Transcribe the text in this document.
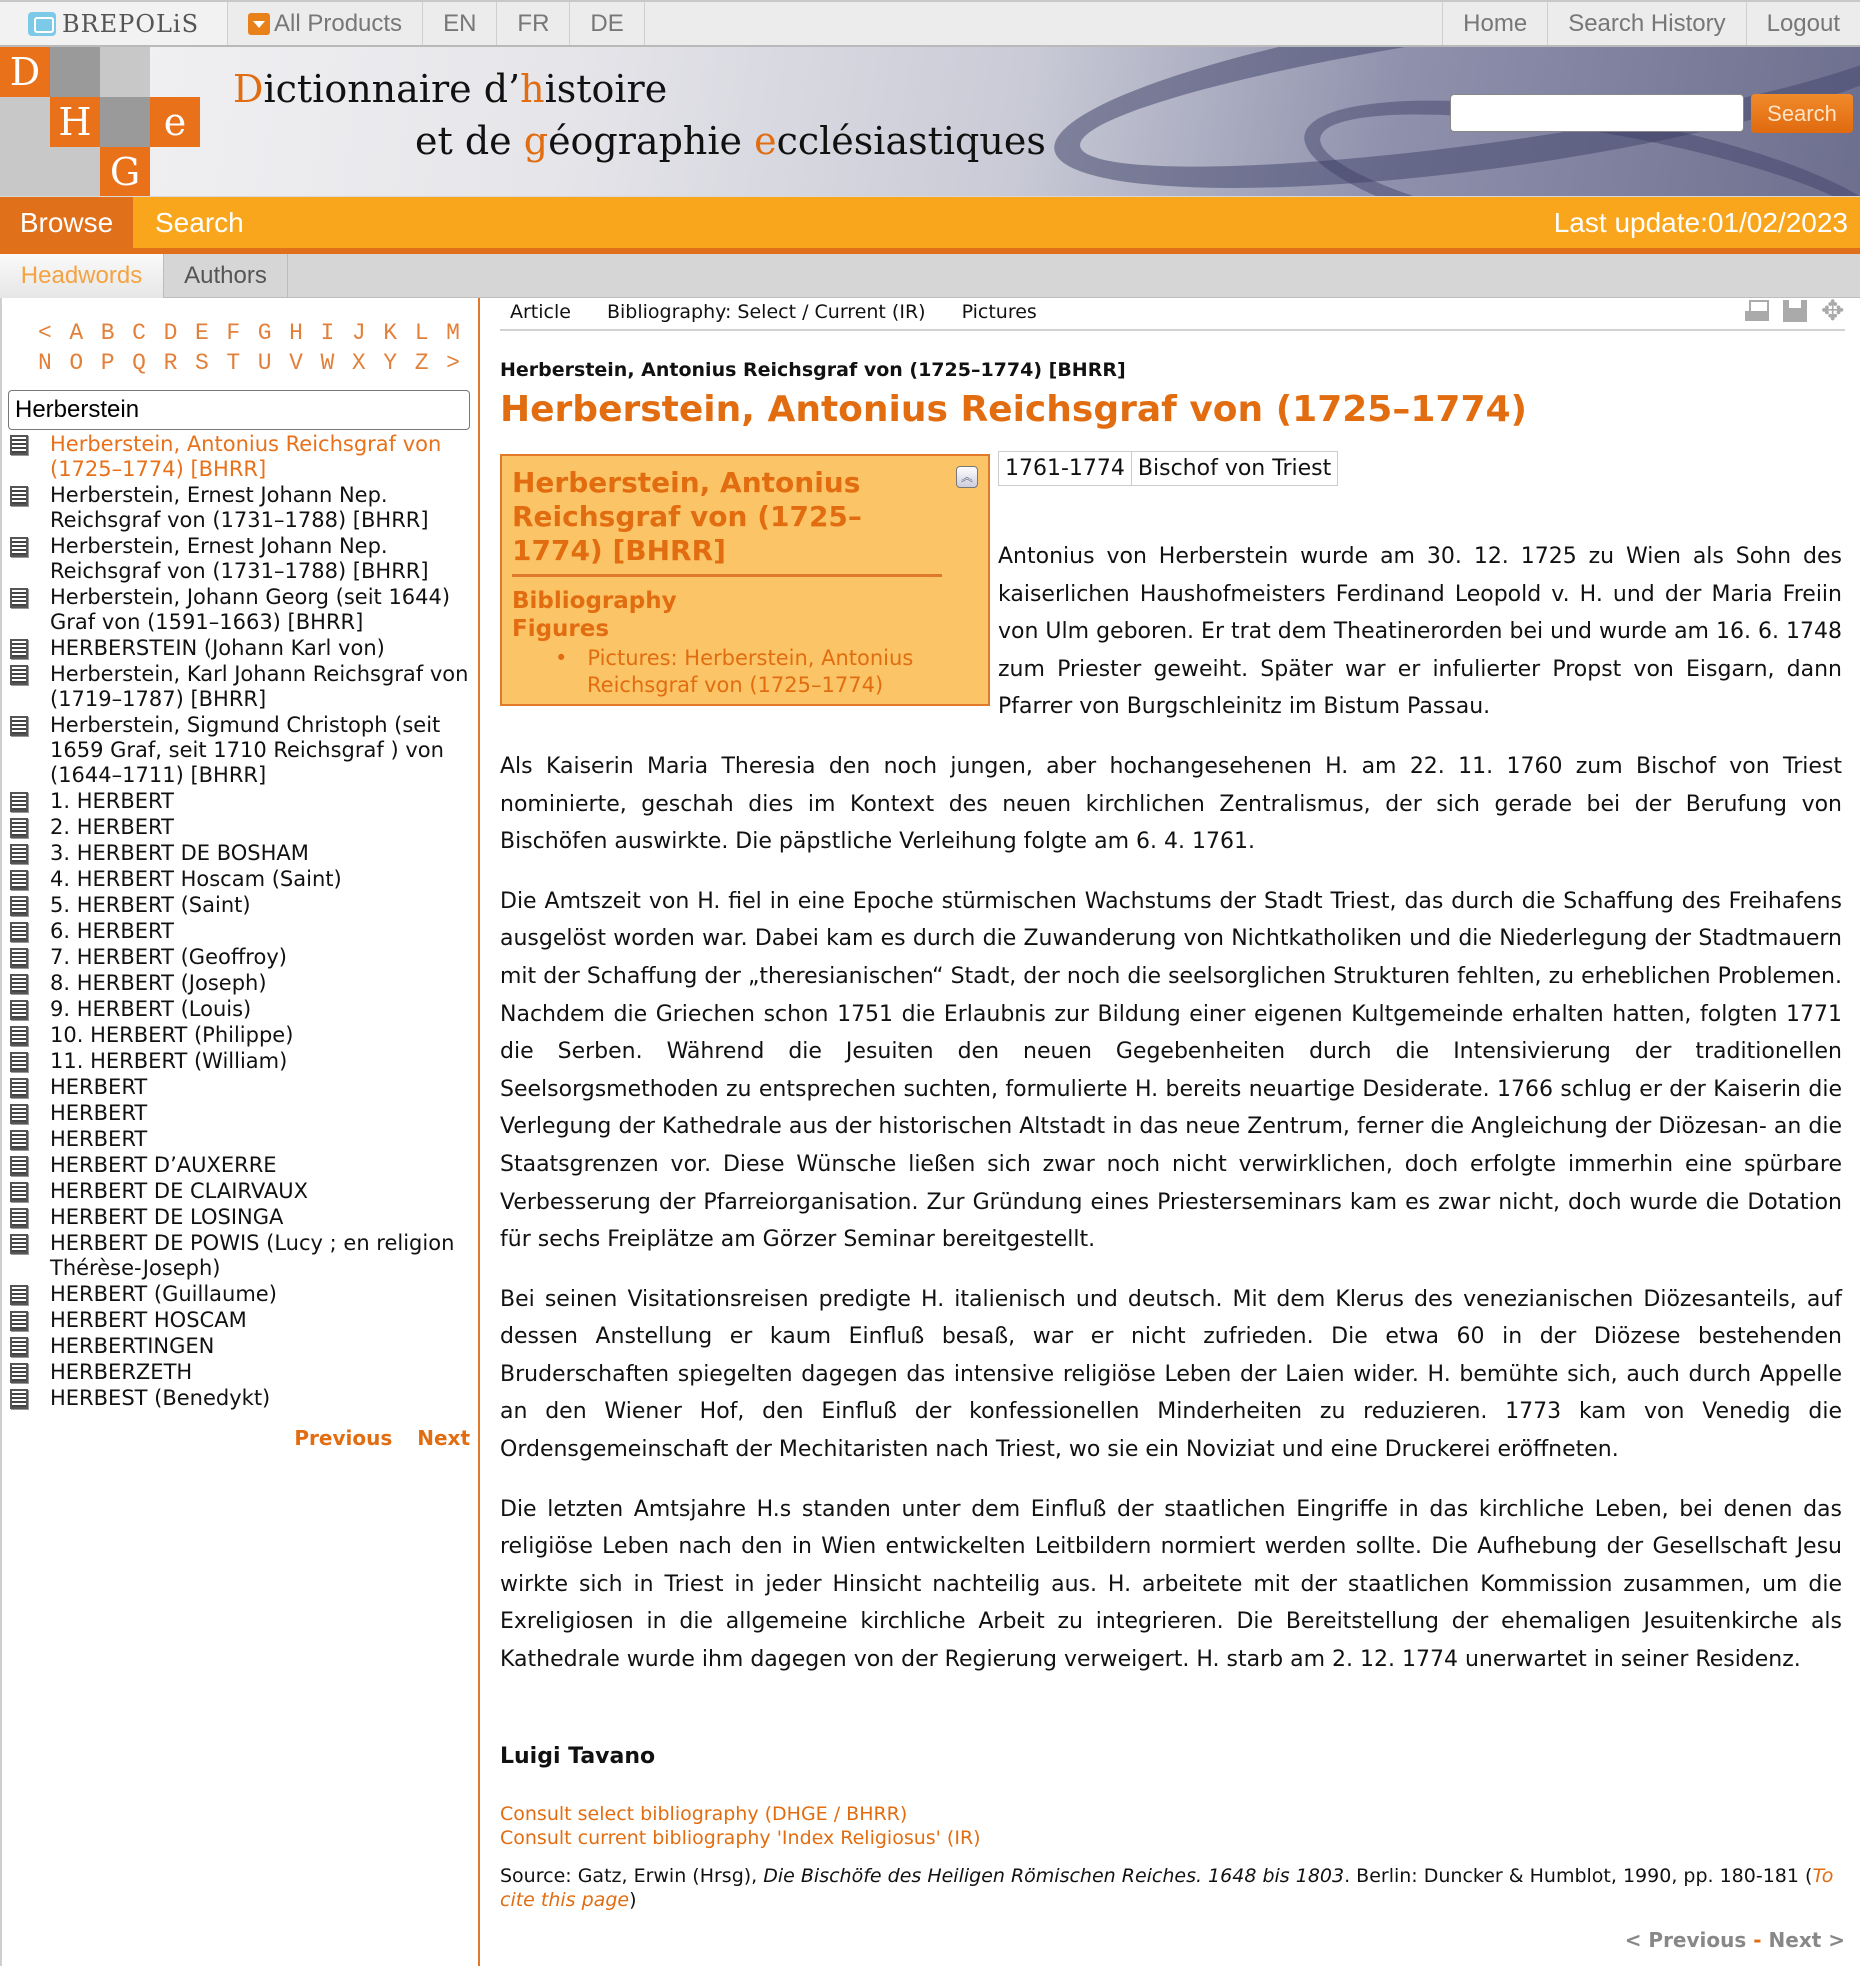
BREPOLiS	All Products	EN	FR	DE	Home	Search History	Logout
D
H	e
G
Dictionnaire d’histoire
et de géographie ecclésiastiques
Search
Browse	Search	Last update:01/02/2023
Headwords	Authors
< A B C D E F G H I J K L M
N O P Q R S T U V W X Y Z >
Herberstein
Herberstein, Antonius Reichsgraf von (1725–1774) [BHRR]
Herberstein, Ernest Johann Nep. Reichsgraf von (1731–1788) [BHRR]
Herberstein, Ernest Johann Nep. Reichsgraf von (1731–1788) [BHRR]
Herberstein, Johann Georg (seit 1644) Graf von (1591–1663) [BHRR]
HERBERSTEIN (Johann Karl von)
Herberstein, Karl Johann Reichsgraf von (1719–1787) [BHRR]
Herberstein, Sigmund Christoph (seit 1659 Graf, seit 1710 Reichsgraf ) von (1644–1711) [BHRR]
1. HERBERT
2. HERBERT
3. HERBERT DE BOSHAM
4. HERBERT Hoscam (Saint)
5. HERBERT (Saint)
6. HERBERT
7. HERBERT (Geoffroy)
8. HERBERT (Joseph)
9. HERBERT (Louis)
10. HERBERT (Philippe)
11. HERBERT (William)
HERBERT
HERBERT
HERBERT
HERBERT D’AUXERRE
HERBERT DE CLAIRVAUX
HERBERT DE LOSINGA
HERBERT DE POWIS (Lucy ; en religion Thérèse-Joseph)
HERBERT (Guillaume)
HERBERT HOSCAM
HERBERTINGEN
HERBERZETH
HERBEST (Benedykt)
Previous Next
Article	Bibliography: Select / Current (IR)	Pictures
✥
Herberstein, Antonius Reichsgraf von (1725–1774) [BHRR]
Herberstein, Antonius Reichsgraf von (1725–1774)
︽
Herberstein, Antonius Reichsgraf von (1725–1774) [BHRR]
Bibliography
Figures
• Pictures: Herberstein, Antonius Reichsgraf von (1725–1774)
1761-1774	Bischof von Triest

Antonius von Herberstein wurde am 30. 12. 1725 zu Wien als Sohn des kaiserlichen Haushofmeisters Ferdinand Leopold v. H. und der Maria Freiin von Ulm geboren. Er trat dem Theatinerorden bei und wurde am 16. 6. 1748 zum Priester geweiht. Später war er infulierter Propst von Eisgarn, dann Pfarrer von Burgschleinitz im Bistum Passau.

Als Kaiserin Maria Theresia den noch jungen, aber hochangesehenen H. am 22. 11. 1760 zum Bischof von Triest nominierte, geschah dies im Kontext des neuen kirchlichen Zentralismus, der sich gerade bei der Berufung von Bischöfen auswirkte. Die päpstliche Verleihung folgte am 6. 4. 1761.

Die Amtszeit von H. fiel in eine Epoche stürmischen Wachstums der Stadt Triest, das durch die Schaffung des Freihafens ausgelöst worden war. Dabei kam es durch die Zuwanderung von Nichtkatholiken und die Niederlegung der Stadtmauern mit der Schaffung der „theresianischen“ Stadt, der noch die seelsorglichen Strukturen fehlten, zu erheblichen Problemen. Nachdem die Griechen schon 1751 die Erlaubnis zur Bildung einer eigenen Kultgemeinde erhalten hatten, folgten 1771 die Serben. Während die Jesuiten den neuen Gegebenheiten durch die Intensivierung der traditionellen Seelsorgsmethoden zu entsprechen suchten, formulierte H. bereits neuartige Desiderate. 1766 schlug er der Kaiserin die Verlegung der Kathedrale aus der historischen Altstadt in das neue Zentrum, ferner die Angleichung der Diözesan- an die Staatsgrenzen vor. Diese Wünsche ließen sich zwar noch nicht verwirklichen, doch erfolgte immerhin eine spürbare Verbesserung der Pfarreiorganisation. Zur Gründung eines Priesterseminars kam es zwar nicht, doch wurde die Dotation für sechs Freiplätze am Görzer Seminar bereitgestellt.

Bei seinen Visitationsreisen predigte H. italienisch und deutsch. Mit dem Klerus des venezianischen Diözesanteils, auf dessen Anstellung er kaum Einfluß besaß, war er nicht zufrieden. Die etwa 60 in der Diözese bestehenden Bruderschaften spiegelten dagegen das intensive religiöse Leben der Laien wider. H. bemühte sich, auch durch Appelle an den Wiener Hof, den Einfluß der konfessionellen Minderheiten zu reduzieren. 1773 kam von Venedig die Ordensgemeinschaft der Mechitaristen nach Triest, wo sie ein Noviziat und eine Druckerei eröffneten.

Die letzten Amtsjahre H.s standen unter dem Einfluß der staatlichen Eingriffe in das kirchliche Leben, bei denen das religiöse Leben nach den in Wien entwickelten Leitbildern normiert werden sollte. Die Aufhebung der Gesellschaft Jesu wirkte sich in Triest in jeder Hinsicht nachteilig aus. H. arbeitete mit der staatlichen Kommission zusammen, um die Exreligiosen in die allgemeine kirchliche Arbeit zu integrieren. Die Bereitstellung der ehemaligen Jesuitenkirche als Kathedrale wurde ihm dagegen von der Regierung verweigert. H. starb am 2. 12. 1774 unerwartet in seiner Residenz.

Luigi Tavano
Consult select bibliography (DHGE / BHRR)
Consult current bibliography 'Index Religiosus' (IR)
Source: Gatz, Erwin (Hrsg), Die Bischöfe des Heiligen Römischen Reiches. 1648 bis 1803. Berlin: Duncker & Humblot, 1990, pp. 180-181 (To cite this page)
< Previous - Next >
